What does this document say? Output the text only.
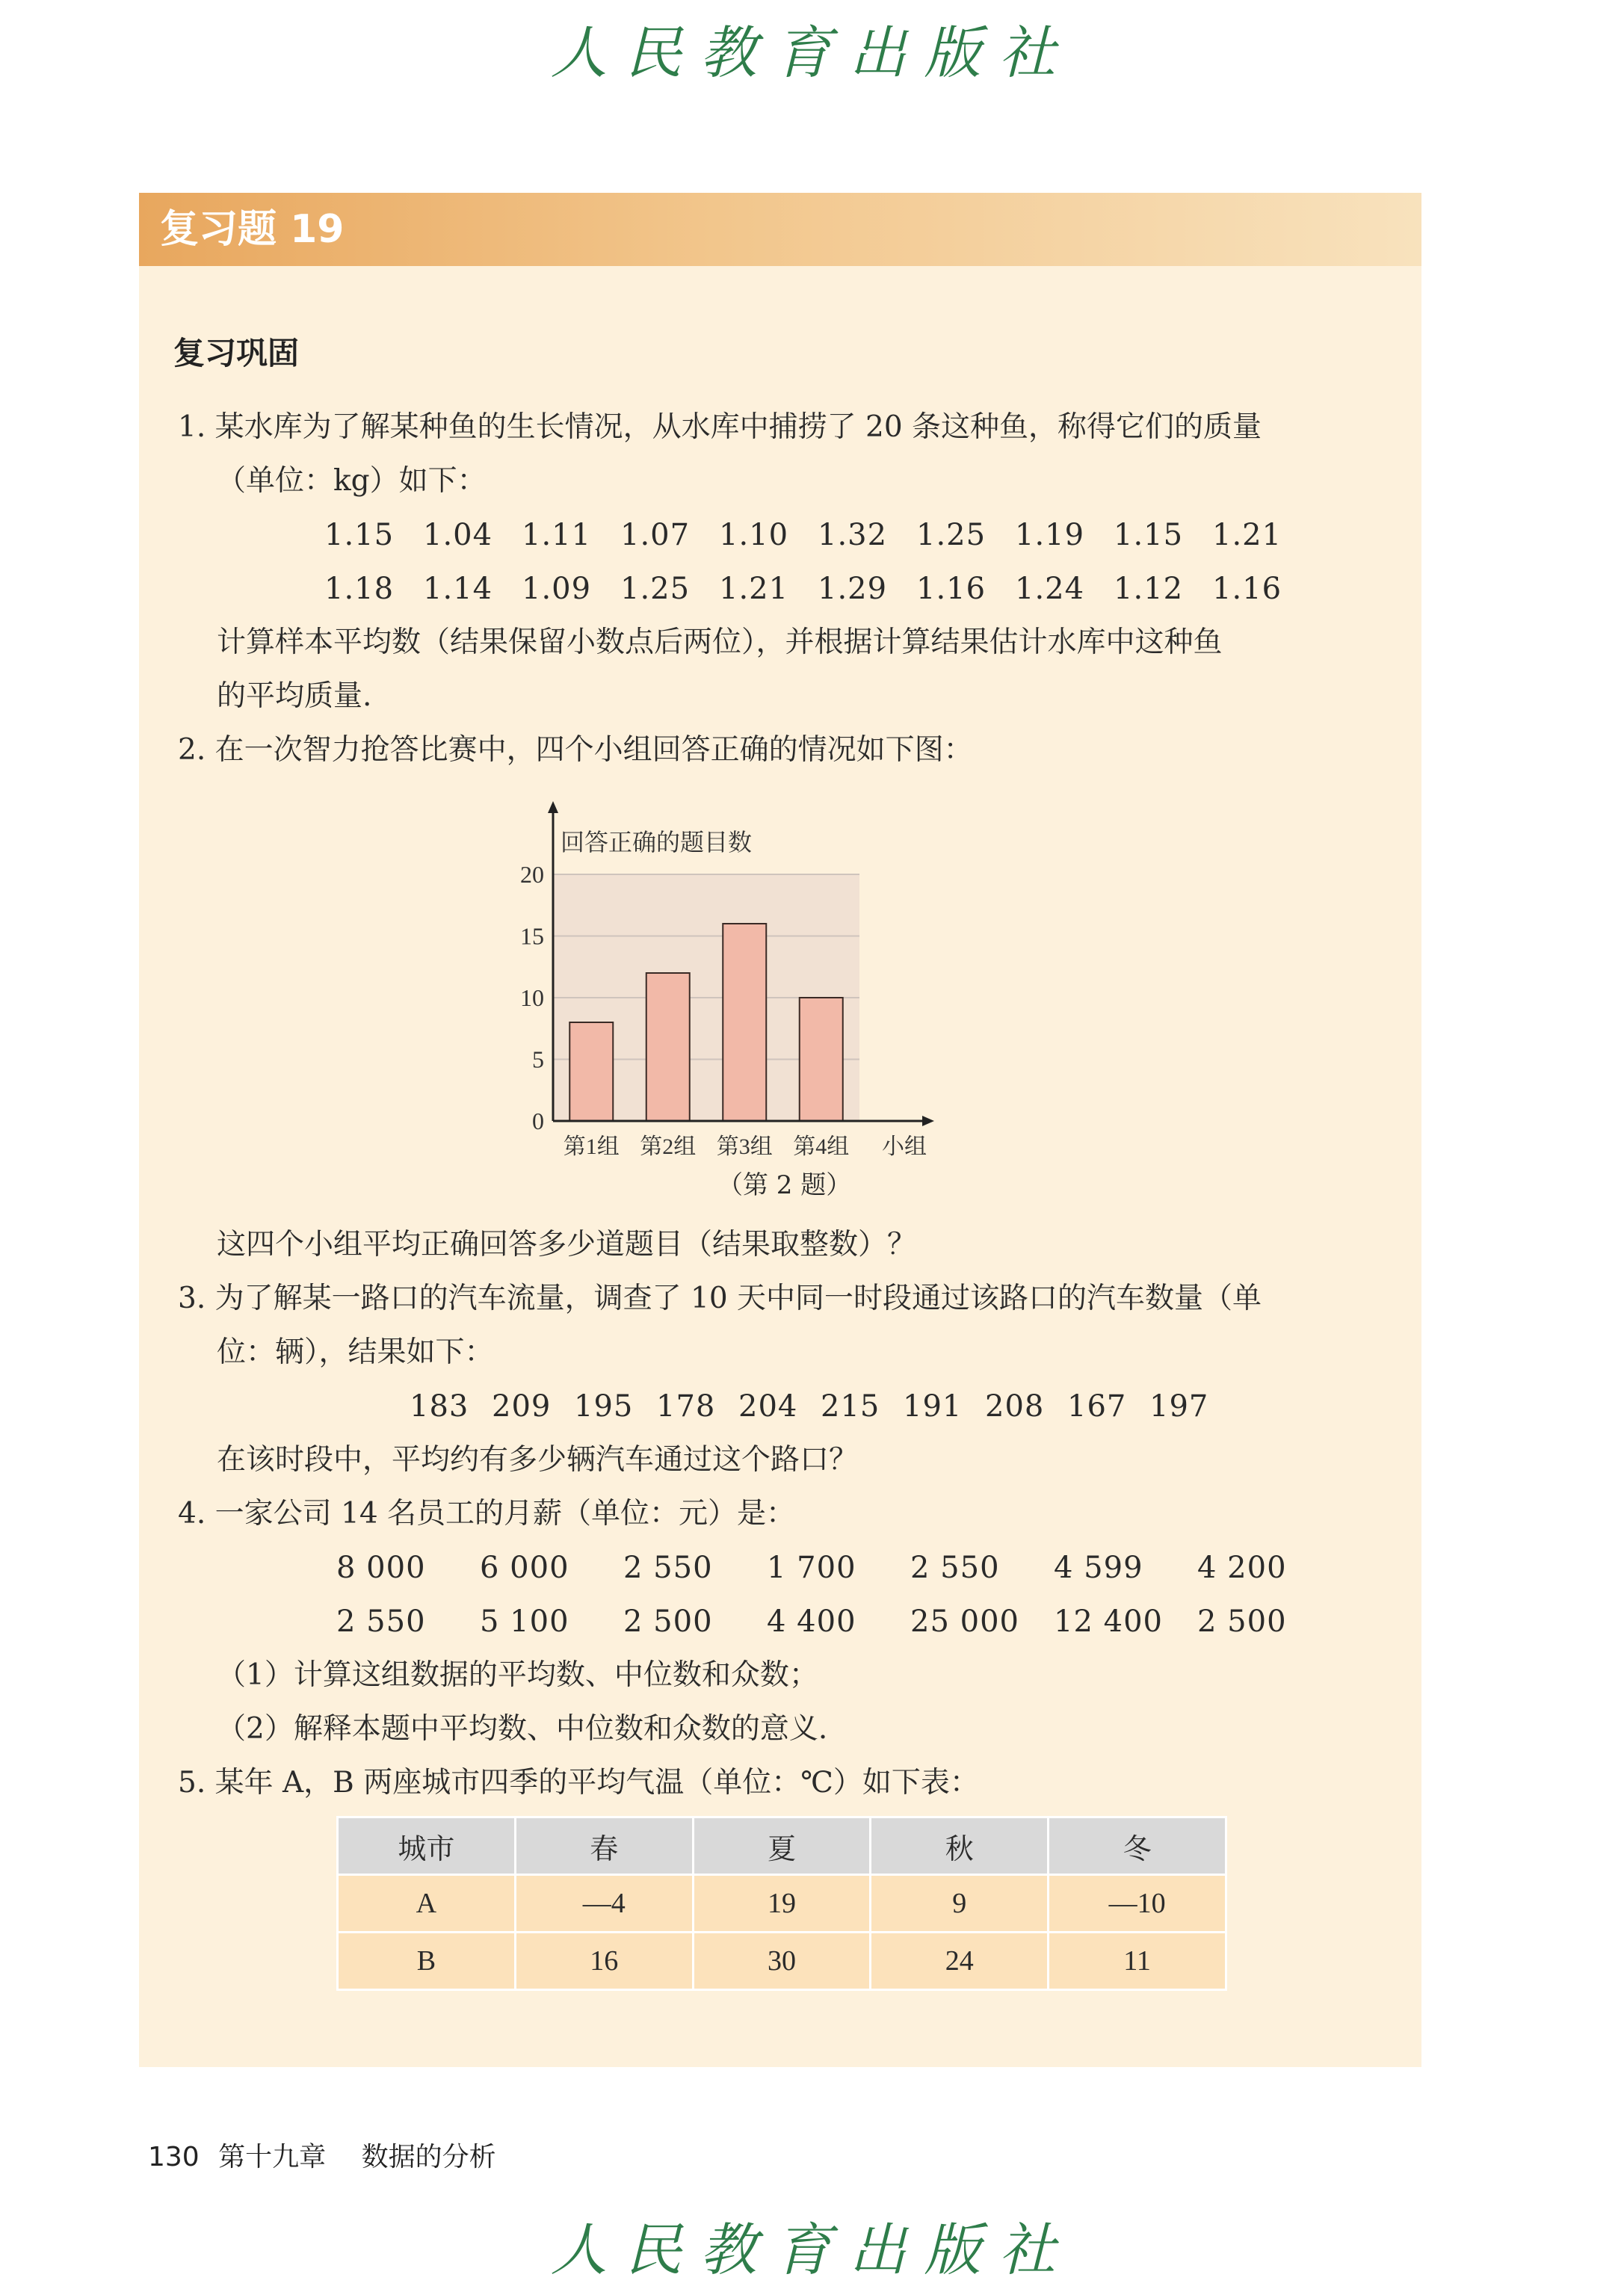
人民教育出版社
复习题 19
复习巩固
1. 某水库为了解某种鱼的生长情况，从水库中捕捞了 20 条这种鱼，称得它们的质量
（单位：kg）如下：
1.15 1.04 1.11 1.07 1.10 1.32 1.25 1.19 1.15 1.21
1.18 1.14 1.09 1.25 1.21 1.29 1.16 1.24 1.12 1.16
计算样本平均数（结果保留小数点后两位），并根据计算结果估计水库中这种鱼
的平均质量.
2. 在一次智力抢答比赛中，四个小组回答正确的情况如下图：
0
5
10
15
20
第1组 第2组 第3组 第4组
回答正确的题目数
小组
（第 2 题）
这四个小组平均正确回答多少道题目（结果取整数）？
3. 为了解某一路口的汽车流量，调查了 10 天中同一时段通过该路口的汽车数量（单
位：辆），结果如下：
183 209 195 178 204 215 191 208 167 197
在该时段中，平均约有多少辆汽车通过这个路口？
4. 一家公司 14 名员工的月薪（单位：元）是：
8 000	6 000	2 550	1 700	2 550	4 599	4 200
2 550	5 100	2 500	4 400	25 000	12 400	2 500
（1）计算这组数据的平均数、中位数和众数；
（2）解释本题中平均数、中位数和众数的意义.
5. 某年 A，B 两座城市四季的平均气温（单位：℃）如下表：
城市	春	夏	秋	冬
A	—4	19	9	—10
B	16	30	24	11
130 第十九章 数据的分析
人民教育出版社
